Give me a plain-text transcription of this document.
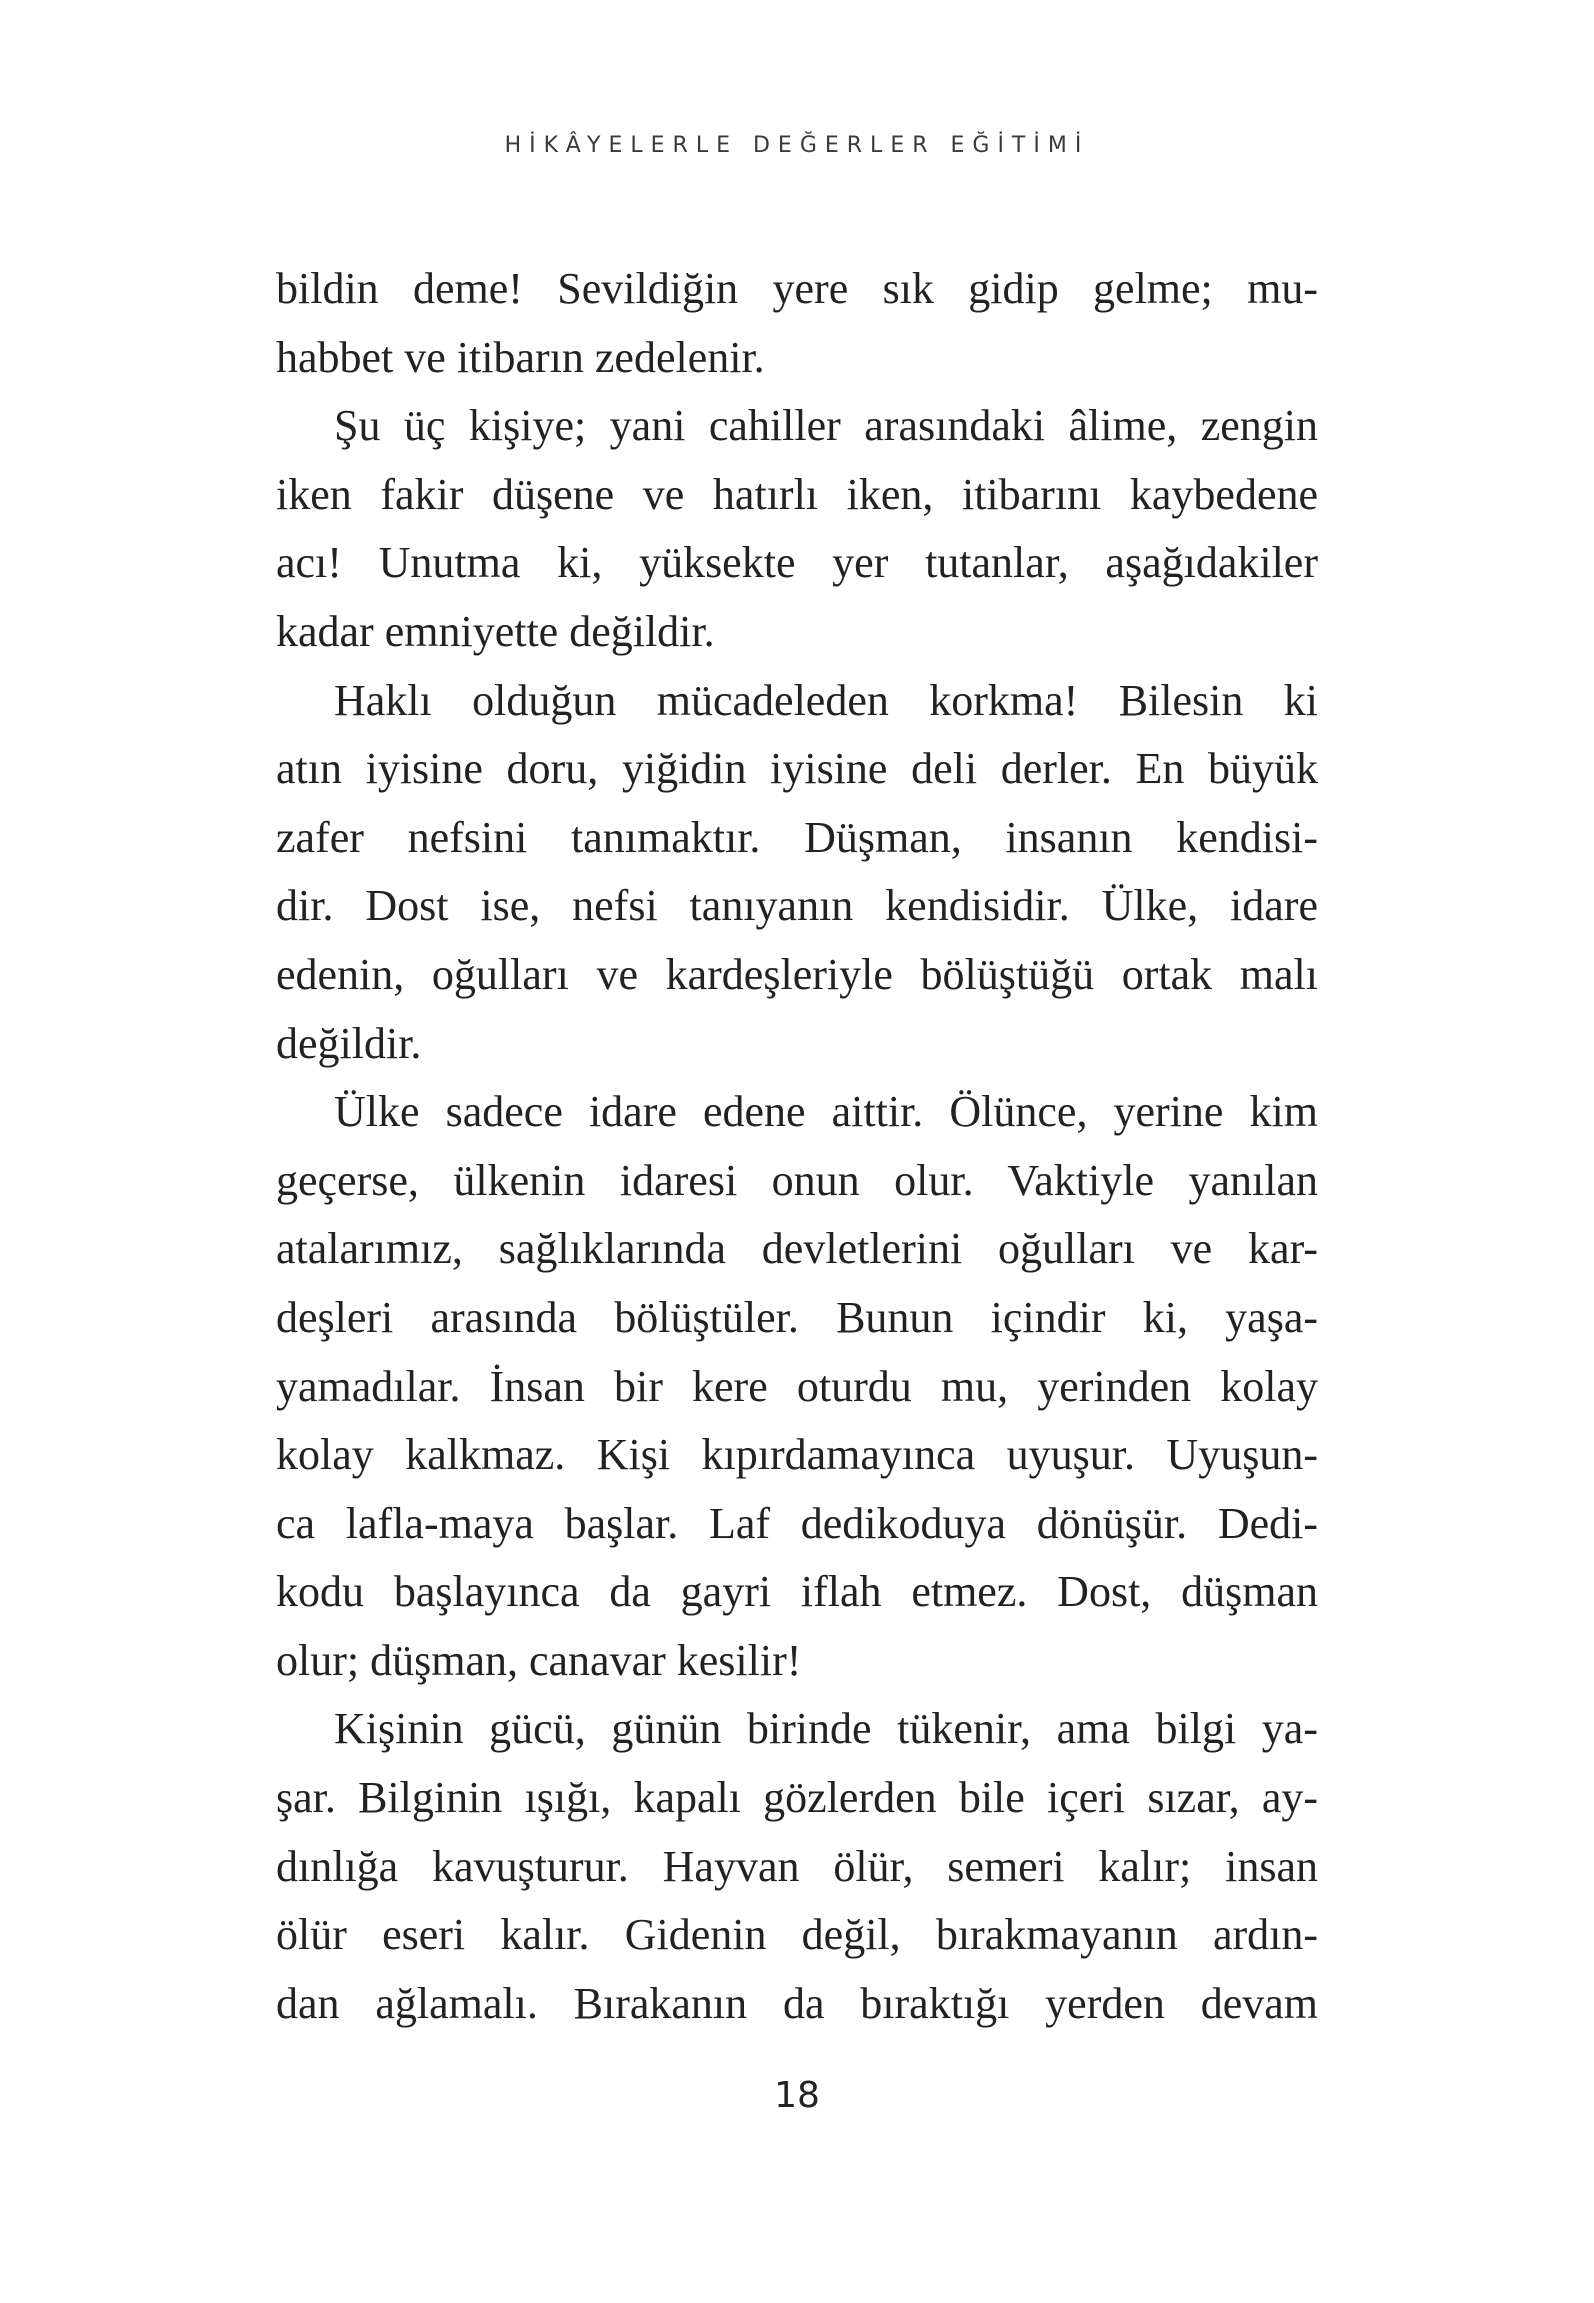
HİKÂYELERLE DEĞERLER EĞİTİMİ
bildin deme! Sevildiğin yere sık gidip gelme; mu-
habbet ve itibarın zedelenir.
Şu üç kişiye; yani cahiller arasındaki âlime, zengin
iken fakir düşene ve hatırlı iken, itibarını kaybedene
acı! Unutma ki, yüksekte yer tutanlar, aşağıdakiler
kadar emniyette değildir.
Haklı olduğun mücadeleden korkma! Bilesin ki
atın iyisine doru, yiğidin iyisine deli derler. En büyük
zafer nefsini tanımaktır. Düşman, insanın kendisi-
dir. Dost ise, nefsi tanıyanın kendisidir. Ülke, idare
edenin, oğulları ve kardeşleriyle bölüştüğü ortak malı
değildir.
Ülke sadece idare edene aittir. Ölünce, yerine kim
geçerse, ülkenin idaresi onun olur. Vaktiyle yanılan
atalarımız, sağlıklarında devletlerini oğulları ve kar-
deşleri arasında bölüştüler. Bunun içindir ki, yaşa-
yamadılar. İnsan bir kere oturdu mu, yerinden kolay
kolay kalkmaz. Kişi kıpırdamayınca uyuşur. Uyuşun-
ca lafla-maya başlar. Laf dedikoduya dönüşür. Dedi-
kodu başlayınca da gayri iflah etmez. Dost, düşman
olur; düşman, canavar kesilir!
Kişinin gücü, günün birinde tükenir, ama bilgi ya-
şar. Bilginin ışığı, kapalı gözlerden bile içeri sızar, ay-
dınlığa kavuşturur. Hayvan ölür, semeri kalır; insan
ölür eseri kalır. Gidenin değil, bırakmayanın ardın-
dan ağlamalı. Bırakanın da bıraktığı yerden devam
18
